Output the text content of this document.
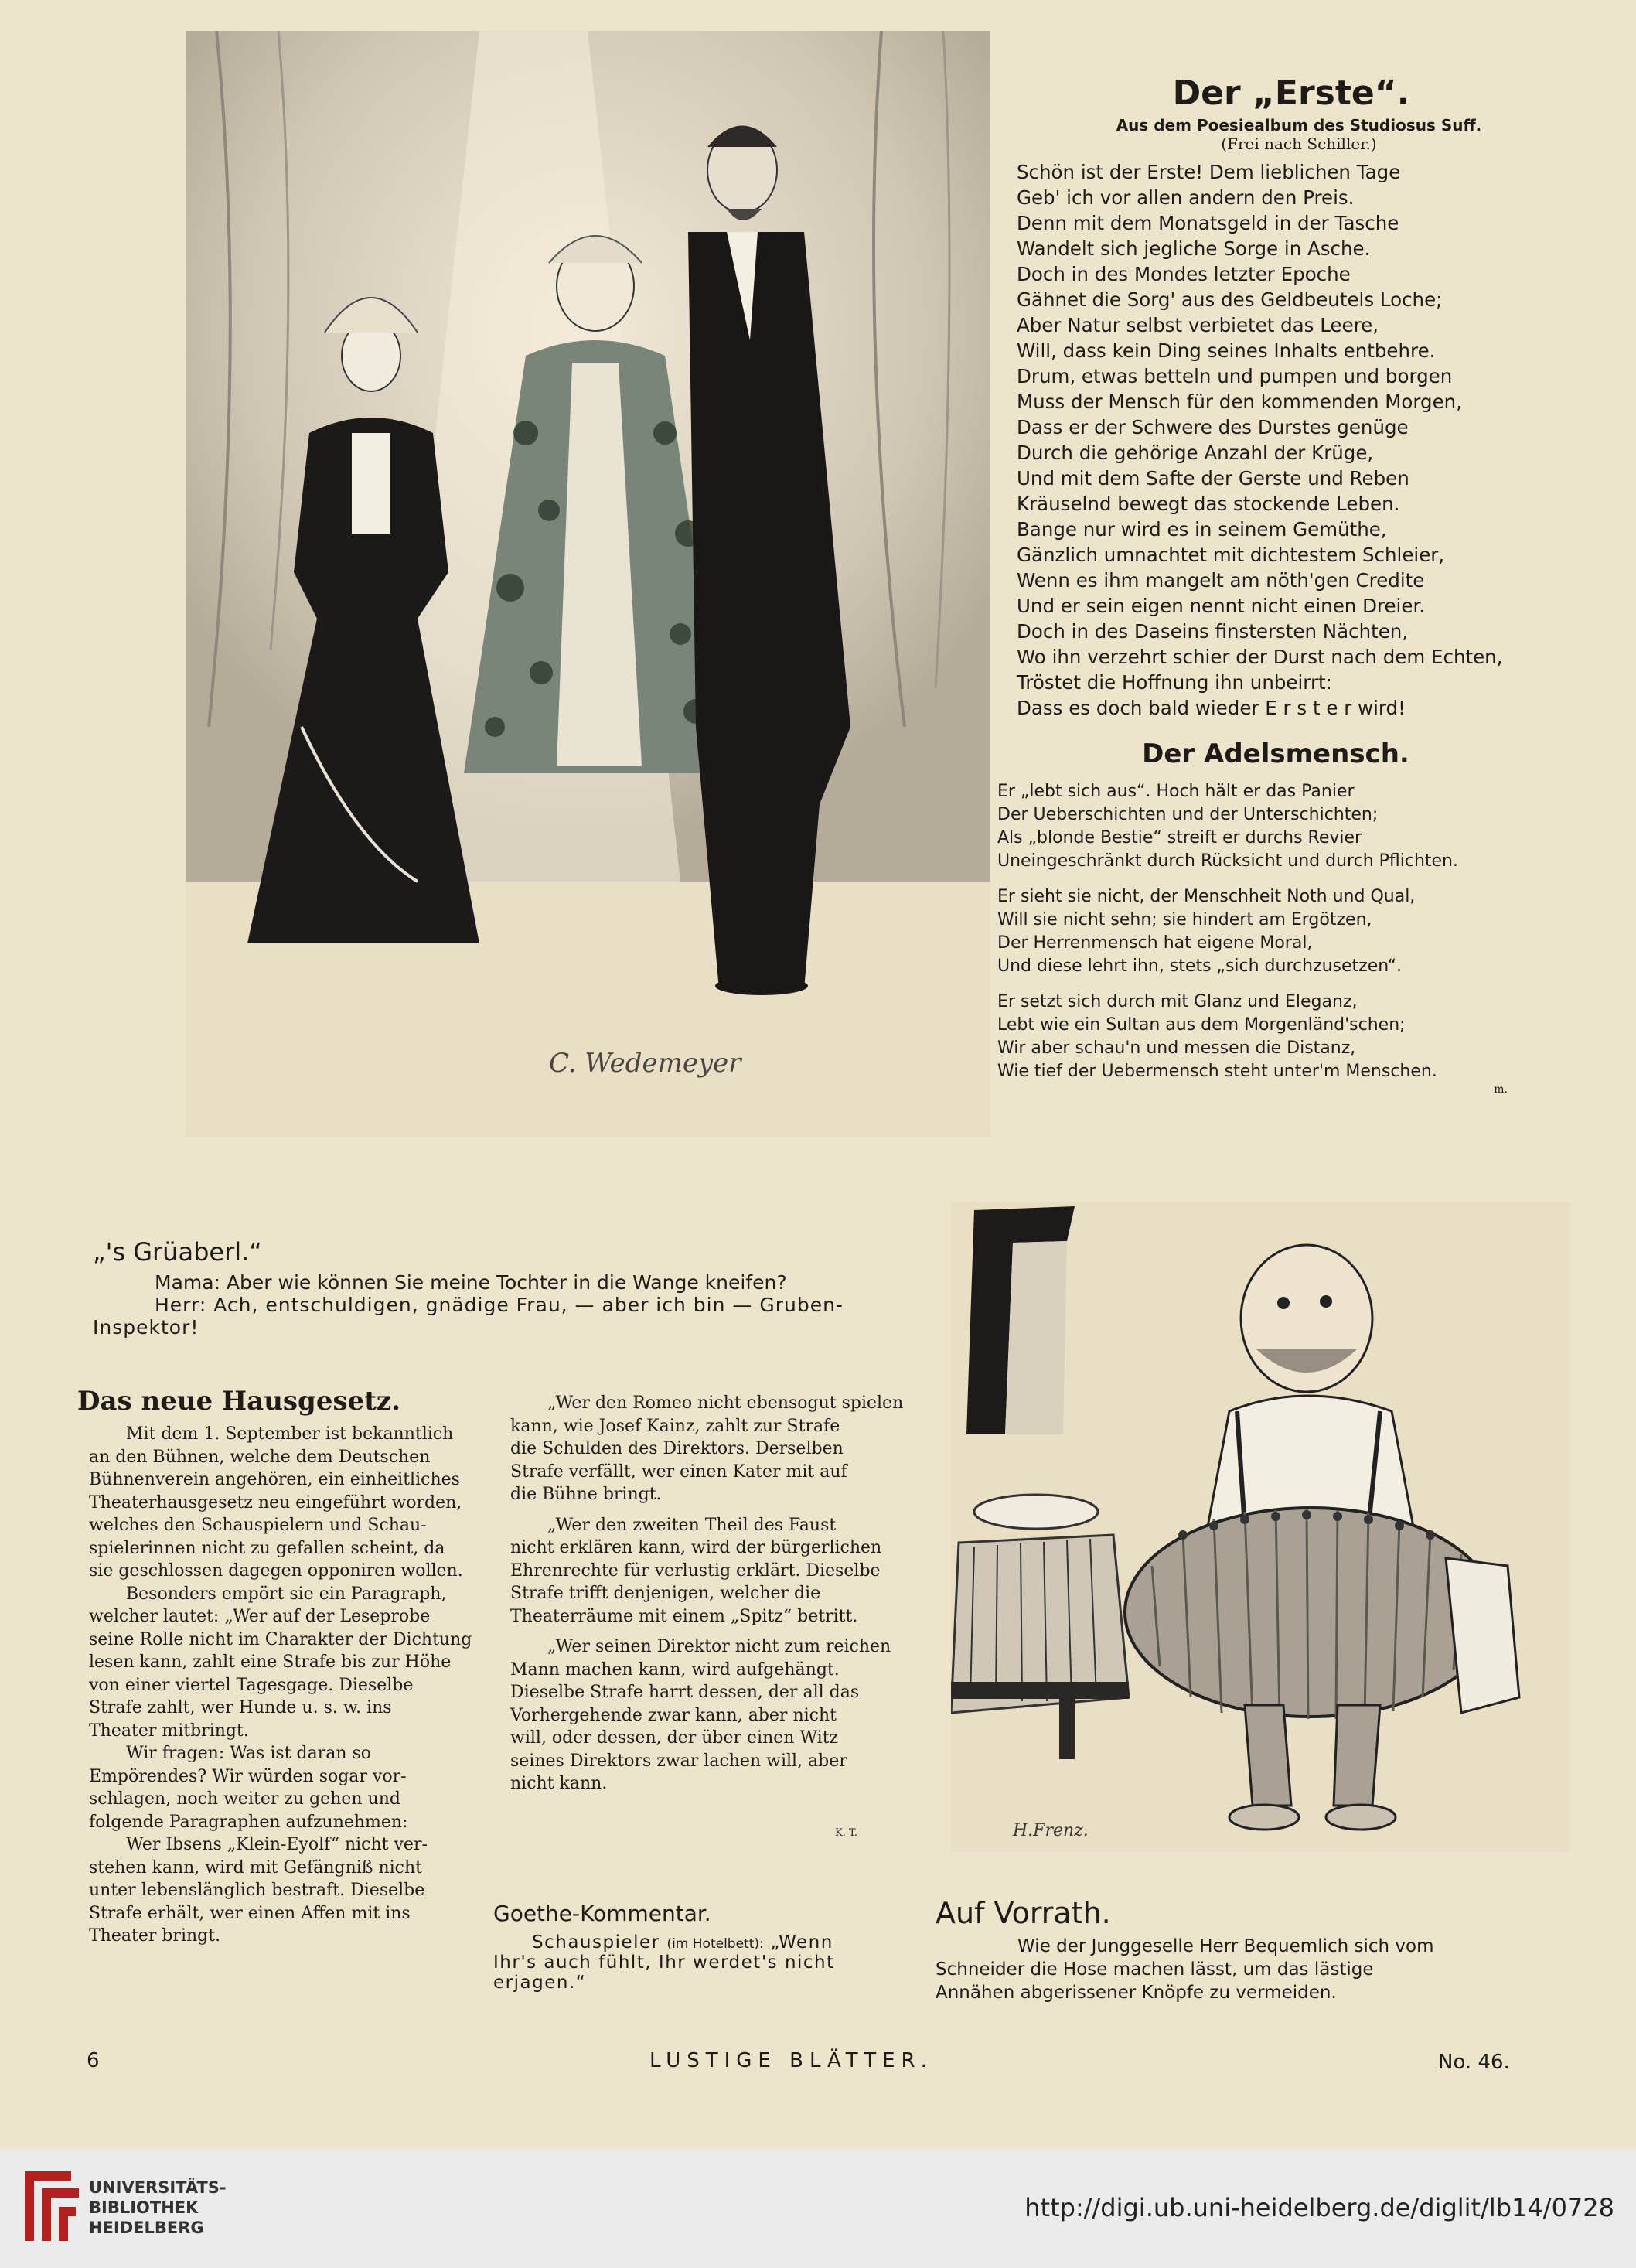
C. Wedemeyer
Der „Erste“.
Aus dem Poesiealbum des Studiosus Suff.
(Frei nach Schiller.)
Schön ist der Erste! Dem lieblichen Tage
Geb' ich vor allen andern den Preis.
Denn mit dem Monatsgeld in der Tasche
Wandelt sich jegliche Sorge in Asche.
Doch in des Mondes letzter Epoche
Gähnet die Sorg' aus des Geldbeutels Loche;
Aber Natur selbst verbietet das Leere,
Will, dass kein Ding seines Inhalts entbehre.
Drum, etwas betteln und pumpen und borgen
Muss der Mensch für den kommenden Morgen,
Dass er der Schwere des Durstes genüge
Durch die gehörige Anzahl der Krüge,
Und mit dem Safte der Gerste und Reben
Kräuselnd bewegt das stockende Leben.
Bange nur wird es in seinem Gemüthe,
Gänzlich umnachtet mit dichtestem Schleier,
Wenn es ihm mangelt am nöth'gen Credite
Und er sein eigen nennt nicht einen Dreier.
Doch in des Daseins finstersten Nächten,
Wo ihn verzehrt schier der Durst nach dem Echten,
Tröstet die Hoffnung ihn unbeirrt:
Dass es doch bald wieder E r s t e r wird!
Der Adelsmensch.
Er „lebt sich aus“. Hoch hält er das Panier
Der Ueberschichten und der Unterschichten;
Als „blonde Bestie“ streift er durchs Revier
Uneingeschränkt durch Rücksicht und durch Pflichten.
Er sieht sie nicht, der Menschheit Noth und Qual,
Will sie nicht sehn; sie hindert am Ergötzen,
Der Herrenmensch hat eigene Moral,
Und diese lehrt ihn, stets „sich durchzusetzen“.
Er setzt sich durch mit Glanz und Eleganz,
Lebt wie ein Sultan aus dem Morgenländ'schen;
Wir aber schau'n und messen die Distanz,
Wie tief der Uebermensch steht unter'm Menschen.
m.
„'s Grüaberl.“
Mama: Aber wie können Sie meine Tochter in die Wange kneifen?
Herr: Ach, entschuldigen, gnädige Frau, — aber ich bin — Gruben-
Inspektor!
Das neue Hausgesetz.
Mit dem 1. September ist bekanntlich
an den Bühnen, welche dem Deutschen
Bühnenverein angehören, ein einheitliches
Theaterhausgesetz neu eingeführt worden,
welches den Schauspielern und Schau-
spielerinnen nicht zu gefallen scheint, da
sie geschlossen dagegen opponiren wollen.
Besonders empört sie ein Paragraph,
welcher lautet: „Wer auf der Leseprobe
seine Rolle nicht im Charakter der Dichtung
lesen kann, zahlt eine Strafe bis zur Höhe
von einer viertel Tagesgage. Dieselbe
Strafe zahlt, wer Hunde u. s. w. ins
Theater mitbringt.
Wir fragen: Was ist daran so
Empörendes? Wir würden sogar vor-
schlagen, noch weiter zu gehen und
folgende Paragraphen aufzunehmen:
Wer Ibsens „Klein-Eyolf“ nicht ver-
stehen kann, wird mit Gefängniß nicht
unter lebenslänglich bestraft. Dieselbe
Strafe erhält, wer einen Affen mit ins
Theater bringt.
„Wer den Romeo nicht ebensogut spielen
kann, wie Josef Kainz, zahlt zur Strafe
die Schulden des Direktors. Derselben
Strafe verfällt, wer einen Kater mit auf
die Bühne bringt.
„Wer den zweiten Theil des Faust
nicht erklären kann, wird der bürgerlichen
Ehrenrechte für verlustig erklärt. Dieselbe
Strafe trifft denjenigen, welcher die
Theaterräume mit einem „Spitz“ betritt.
„Wer seinen Direktor nicht zum reichen
Mann machen kann, wird aufgehängt.
Dieselbe Strafe harrt dessen, der all das
Vorhergehende zwar kann, aber nicht
will, oder dessen, der über einen Witz
seines Direktors zwar lachen will, aber
nicht kann.
K. T.
Goethe-Kommentar.
Schauspieler (im Hotelbett): „Wenn
Ihr's auch fühlt, Ihr werdet's nicht
erjagen.“
H.Frenz.
Auf Vorrath.
Wie der Junggeselle Herr Bequemlich sich vom
Schneider die Hose machen lässt, um das lästige
Annähen abgerissener Knöpfe zu vermeiden.
6	LUSTIGE BLÄTTER.	No. 46.
UNIVERSITÄTS-
BIBLIOTHEK
HEIDELBERG
http://digi.ub.uni-heidelberg.de/diglit/lb14/0728
